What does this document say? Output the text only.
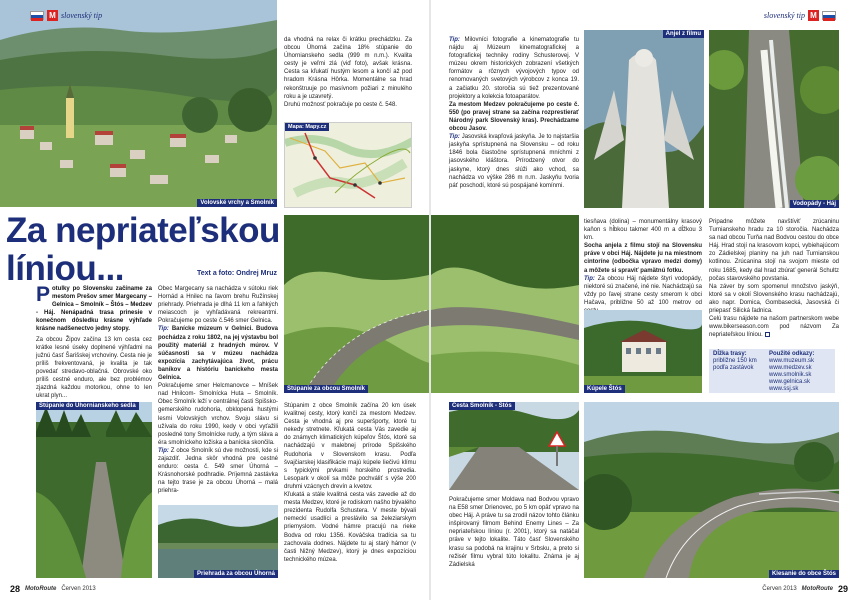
Volovské vrchy a Smolník
M slovenský tip

da vhodná na relax či krátku prechádzku. Za obcou Úhorná začína 18% stúpanie do Úhornianskeho sedla (999 m n.m.). Kvalita cesty je veľmi zlá (viď foto), avšak krásna. Cesta sa kľukatí hustým lesom a končí až pod hradom Krásna Hôrka. Momentálne sa hrad rekonštruuje po masívnom požiari z minulého roku a je uzavretý.

Druhú možnosť pokračuje po ceste č. 548.

Mapa: Mapy.cz
Za nepriateľskou
líniou...	Text a foto: Ondrej Mruz

Potulky po Slovensku začíname za mestom Prešov smer Margecany – Gelnica – Smolník – Štós – Medzev - Háj. Nenápadná trasa prinesie v konečnom dôsledku krásne výhľade krásne nadšenectvo jedny stopy.

Za obcou Žipov začína 13 km cesta cez krátke lesné úseky doplnené výhľadmi na južnú časť Šarišskej vrchoviny. Cesta nie je príliš frekventovaná, je kvalita je tak povedať stredavo-oblačná. Obrovské oko príliš cestné enduro, ale bez problémov zjazdná každou motorkou, ohne to len ukrat plyn...

Obec Margecany sa nachádza v sútoku riek Hornád a Hnilec na ľavom brehu Ružínskej priehrady. Priehrada je dlhá 11 km a ľahkých meiascoch je vyhľadávaná rekreantmi. Pokračujeme po ceste č.546 smer Gelnica.

Tip: Banícke múzeum v Gelnici. Budova pochádza z roku 1802, na jej výstavbu bol použitý materiál z hradných múrov. V súčasnosti sa v múzeu nachádza expozícia zachytávajúca život, prácu baníkov a históriu baníckeho mesta Gelnica.

Pokračujeme smer Helcmanovce – Mníšek nad Hnilcom- Smolnícka Huta – Smolník. Obec Smolník leží v centrálnej časti Spišsko-gemerského rudohoria, obklopená hustými lesmi Volovských vrchov. Svoju slávu si užívala do roku 1990, kedy v obci vyťažili posledné tony Smolnícke rudy, a tým sláva a éra smolníckeho ložiska a banícka skončila.

Tip: Z obce Smolník sú dve možnosti, kde si zajazdiť. Jedna skôr vhodná pre cestné enduro: cesta č. 549 smer Úhorná – Krásnohorské podhradie. Príjemná zastávka na tejto trase je za obcou Úhorná – malá priehra-

Stúpanie do Úhornianskeho sedla
Priehrada za obcou Úhorná
Stúpanie za obcou Smolník

Stúpanim z obce Smolník začína 20 km úsek kvalitnej cesty, ktorý končí za mestom Medzev. Cesta je vhodná aj pre superšporty, ktoré tu nekedy stretnete. Kľukatá cesta Vás zavedie aj do známych klimatických kúpeľov Štós, ktoré sa nachádzajú v malebnej prírode Spišského Rudohoria v Slovenskom krasu. Podľa švajčiarskej klasifikácie majú kúpele liečivú klímu s typickými prvkami horského prostredia. Lesopark v okolí sa môže pochváliť s výše 200 druhmi vzácnych drevín a kvetov.

Kľukatá a stále kvalitná cesta vás zavedie až do mesta Medzev, ktoré je rodiskom našho bývalého prezidenta Rudolfa Schustera. V meste bývali nemeckí usadlíci a preslávilo sa železiarskym priemyslom. Vodné hámre pracujú na rieke Bodva od roku 1356. Kováčska tradícia sa tu zachovala dodnes. Nájdete tu aj starý hámor (v časti Nižný Medzev), ktorý je dnes expozíciou technického múzea.

28 MotoRoute Červen 2013
slovenský tip M

Tip: Milovníci fotografie a kinematografie tu nájdu aj Múzeum kinematografickej a fotografickej techniky rodiny Schusterovej. V múzeu okrem historických zobrazení všetkých formátov a rôznych vývojových typov od renomovaných svetových výrobcov z konca 19. a začiatku 20. storočia sú tiež prezentované projektory a kolekcia fotoaparátov.

Za mestom Medzev pokračujeme po ceste č. 550 (po pravej strane sa začína rozprestierať Národný park Slovenský kras). Prechádzame obcou Jasov.

Tip: Jasovská kvapľová jaskyňa. Je to najstaršia jaskyňa sprístupnená na Slovensku – od roku 1846 bola čiastočne sprístupnená mníchmi z jasovského kláštora. Prírodzený otvor do jaskyne, ktorý dnes slúži ako vchod, sa nachádza vo výške 286 m n.m. Jaskyňu tvoria páť poschodí, ktoré sú pospájané komínmi.

Anjel z filmu
Vodopády - Háj

tiesňava (dolina) – monumentálny krasový kaňon s hĺbkou takmer 400 m a dĺžkou 3 km.

Socha anjela z filmu stojí na Slovensku práve v obci Háj. Nájdete ju na miestnom cintoríne (odbočka vpravo medzi domy) a môžete si spraviť pamätnú fotku.

Tip: Za obcou Háj nájdete štyri vodopády, niektoré sú značené, iné nie. Nachádzajú sa vždy po ľavej strane cesty smerom k obci Hačava, približne 50 až 100 metrov od

Kúpele Štós

Pripadne môžete navštíviť zrúcaninu Turnianskeho hradu za 10 storočia. Nachádza sa nad obcou Turňa nad Bodvou cestou do obce Háj. Hrad stojí na krasovom kopci, vybiehajúcom zo Zádielskej planiny na juh nad Turnianskou kotlinou. Zrúcanina stojí na svojom mieste od roku 1685, kedy dal hrad zbúrať generál Schultz počas stavovského povstania.

Na záver by som spomenul množstvo jaskýň, ktoré sa v okolí Slovenského krasu nachádzajú, ako napr. Domica, Gombasecká, Jasovská či priepasť Silická ľadnica.

Celú trasu nájdete na našom partnerskom webe www.bikerseason.com pod názvom Za nepriateľskou líniou.

Cesta Smolník - Štós

Pokračujeme smer Moldava nad Bodvou vpravo na E58 smer Drienovec, po 5 km opäť vpravo na obec Háj. A práve tu sa zrodil názov tohto článku inšpirovaný filmom Behind Enemy Lines – Za nepriateľskou líniou (r. 2001), ktorý sa natáčal práve v tejto lokalite. Táto časť Slovenského krasu sa podobá na krajinu v Srbsku, a preto si režisér filmu vybral túto lokalitu. Známa je aj Zádielská

Klesanie do obce Štós
Červen 2013 MotoRoute 29
Dĺžka trasy:
približne 150 km
podľa zastávok
Použité odkazy:
www.muzeum.sk
www.medzev.sk
www.smolnik.sk
www.gelnica.sk
www.ssj.sk
